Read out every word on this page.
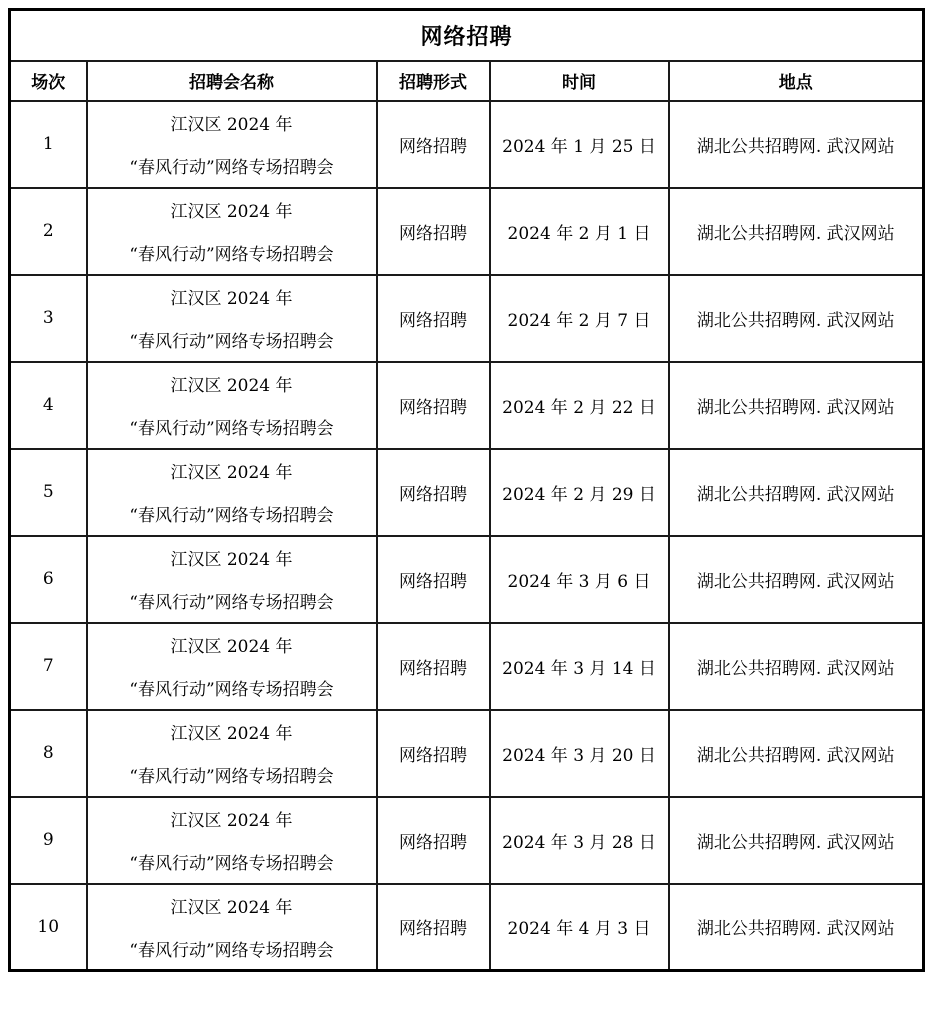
网络招聘				
场次	招聘会名称	招聘形式	时间	地点
1	江汉区 2024 年
“春风行动”网络专场招聘会	网络招聘	2024 年 1 月 25 日	湖北公共招聘网. 武汉网站
2	江汉区 2024 年
“春风行动”网络专场招聘会	网络招聘	2024 年 2 月 1 日	湖北公共招聘网. 武汉网站
3	江汉区 2024 年
“春风行动”网络专场招聘会	网络招聘	2024 年 2 月 7 日	湖北公共招聘网. 武汉网站
4	江汉区 2024 年
“春风行动”网络专场招聘会	网络招聘	2024 年 2 月 22 日	湖北公共招聘网. 武汉网站
5	江汉区 2024 年
“春风行动”网络专场招聘会	网络招聘	2024 年 2 月 29 日	湖北公共招聘网. 武汉网站
6	江汉区 2024 年
“春风行动”网络专场招聘会	网络招聘	2024 年 3 月 6 日	湖北公共招聘网. 武汉网站
7	江汉区 2024 年
“春风行动”网络专场招聘会	网络招聘	2024 年 3 月 14 日	湖北公共招聘网. 武汉网站
8	江汉区 2024 年
“春风行动”网络专场招聘会	网络招聘	2024 年 3 月 20 日	湖北公共招聘网. 武汉网站
9	江汉区 2024 年
“春风行动”网络专场招聘会	网络招聘	2024 年 3 月 28 日	湖北公共招聘网. 武汉网站
10	江汉区 2024 年
“春风行动”网络专场招聘会	网络招聘	2024 年 4 月 3 日	湖北公共招聘网. 武汉网站
